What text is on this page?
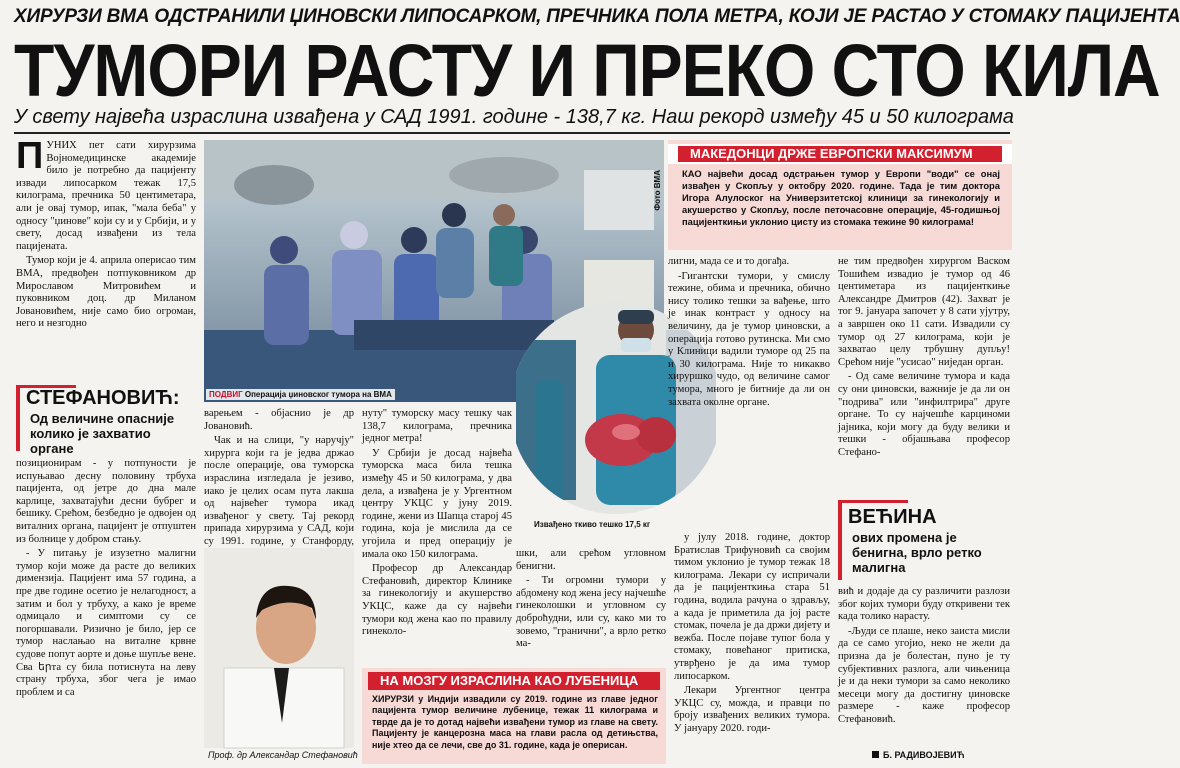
ХИРУРЗИ ВМА ОДСТРАНИЛИ ЏИНОВСКИ ЛИПОСАРКОМ, ПРЕЧНИКА ПОЛА МЕТРА, КОЈИ ЈЕ РАСТАО У СТОМАКУ ПАЦИЈЕНТА
ТУМОРИ РАСТУ И ПРЕКО СТО КИЛА
У свету највећа израслина извађена у САД 1991. године - 138,7 кг. Наш рекорд између 45 и 50 килограма
П УНИХ пет сати хирурзима Војномедицинске академије било је потребно да пацијенту извади липосарком тежак 17,5 килограма, пречника 50 центиметара, али је овај тумор, ипак, "мала беба" у односу "џинове" који су и у Србији, и у свету, досад извађени из тела пацијената.

Тумор који је 4. априла оперисао тим ВМА, предвођен потпуковником др Мирославом Митровићем и пуковником доц. др Миланом Јовановићем, није само био огроман, него и незгодно

СТЕФАНОВИЋ:
Од величине опасније колико је захватио органе

позиционирам - у потпуности је испуњавао десну половину трбуха пацијента, од јетре до дна мале карлице, захватајући десни бубрег и бешику. Срећом, безбедно је одвојен од виталних органа, пацијент је отпуштен из болнице у добром стању.

- У питању је изузетно малигни тумор који може да расте до великих димензија. Пацијент има 57 година, а пре две године осетио је нелагодност, а затим и бол у трбуху, а како је време одмицало и симптоми су се погоршавали. Ризично је било, јер се тумор наслањао на виталне крвне судове попут аорте и доње шупље вене. Сва երта су била потиснута на леву страну трбуха, због чега је имао проблем и са

Фото ВМА
ПОДВИГ Операција џиновског тумора на ВМА
МАКЕДОНЦИ ДРЖЕ ЕВРОПСКИ МАКСИМУМ
КАО највећи досад одстрањен тумор у Европи "води" се онај извађен у Скопљу у октобру 2020. године. Тада је тим доктора Игора Алулоског на Универзитетској клиници за гинекологију и акушерство у Скопљу, после петочасовне операције, 45-годишњој пацијенткињи уклонио цисту из стомака тежине 90 килограма!

варењем - објаснио је др Јовановић.

Чак и на слици, "у наручју" хирурга који га је једва држао после операције, ова туморска израслина изгледала је језиво, иако је целих осам пута лакша од највећег тумора икад извађеног у свету. Тај рекорд припада хирурзима у САД, који су 1991. године, у Станфорду,

Проф. др Александар Стефановић

нуту" туморску масу тешку чак 138,7 килограма, пречника једног метра!

У Србији је досад највећа туморска маса била тешка између 45 и 50 килограма, у два дела, а извађена је у Ургентном центру УКЦС у јуну 2019. године, жени из Шапца старој 45 година, која је мислила да се угојила и пред операцију је имала око 150 килограма.

Професор др Александар Стефановић, директор Клинике за гинекологију и акушерство УКЦС, каже да су највећи тумори код жена као по правилу гинеколо-

Извађено ткиво тешко 17,5 кг

лигни, мада се и то догађа.

-Гигантски тумори, у смислу тежине, обима и пречника, обично нису толико тешки за вађење, што је инак контраст у односу на величину, да је тумор џиновски, а операција готово рутинска. Ми смо у Клиници вадили туморе од 25 па и 30 килограма. Није то никакво хируршко чудо, од величине самог тумора, много је битније да ли он захвата околне органе.

шки, али срећом угловном бенигни.

- Ти огромни тумори у абдомену код жена јесу најчешће гинеколошки и угловном су доброћудни, или су, како ми то зовемо, "гранични", а врло ретко ма-

у јулу 2018. године, доктор Братислав Трифуновић са својим тимом уклонио је тумор тежак 18 килограма. Лекари су испричали да је пацијенткиња стара 51 година, водила рачуна о здрављу, а када је приметила да јој расте стомак, почела је да држи дијету и вежба. После појаве тупог бола у стомаку, повећаног притиска, утврђено је да има тумор липосарком.

Лекари Ургентног центра УКЦС су, можда, и правци по броју извађених великих тумора. У јануару 2020. годи-

не тим предвођен хирургом Васком Тошићем извадио је тумор од 46 центиметара из пацијенткиње Александре Дмитров (42). Захват је тог 9. јануара започет у 8 сати ујутру, а завршен око 11 сати. Извадили су тумор од 27 килограма, који је захватао целу трбушну дупљу! Срећом није "усисао" ниједан орган.

- Од саме величине тумора и када су они џиновски, важније је да ли он "подрива" или "инфилтрира" друге органе. То су најчешће карциноми јајника, који могу да буду велики и тешки - објашњава професор Стефано-

ВЕЋИНА
ових промена је бенигна, врло ретко малигна

вић и додаје да су различити разлози због којих тумори буду откривени тек када толико нарасту.

-Људи се плаше, некo заиста мисли да се само угојио, неко не жели да призна да је болестан, пуно је ту субјективних разлога, али чињеница је и да неки тумори за само неколико месеци могу да достигну џиновске размере - каже професор Стефановић.

Б. РАДИВОЈЕВИЋ
НА МОЗГУ ИЗРАСЛИНА КАО ЛУБЕНИЦА
ХИРУРЗИ у Индији извадили су 2019. године из главе једног пацијента тумор величине лубенице, тежак 11 килограма и тврде да је то дотад највећи извађени тумор из главе на свету. Пацијенту је канцерозна маса на глави расла од детињства, није хтео да се лечи, све до 31. године, када је оперисан.
